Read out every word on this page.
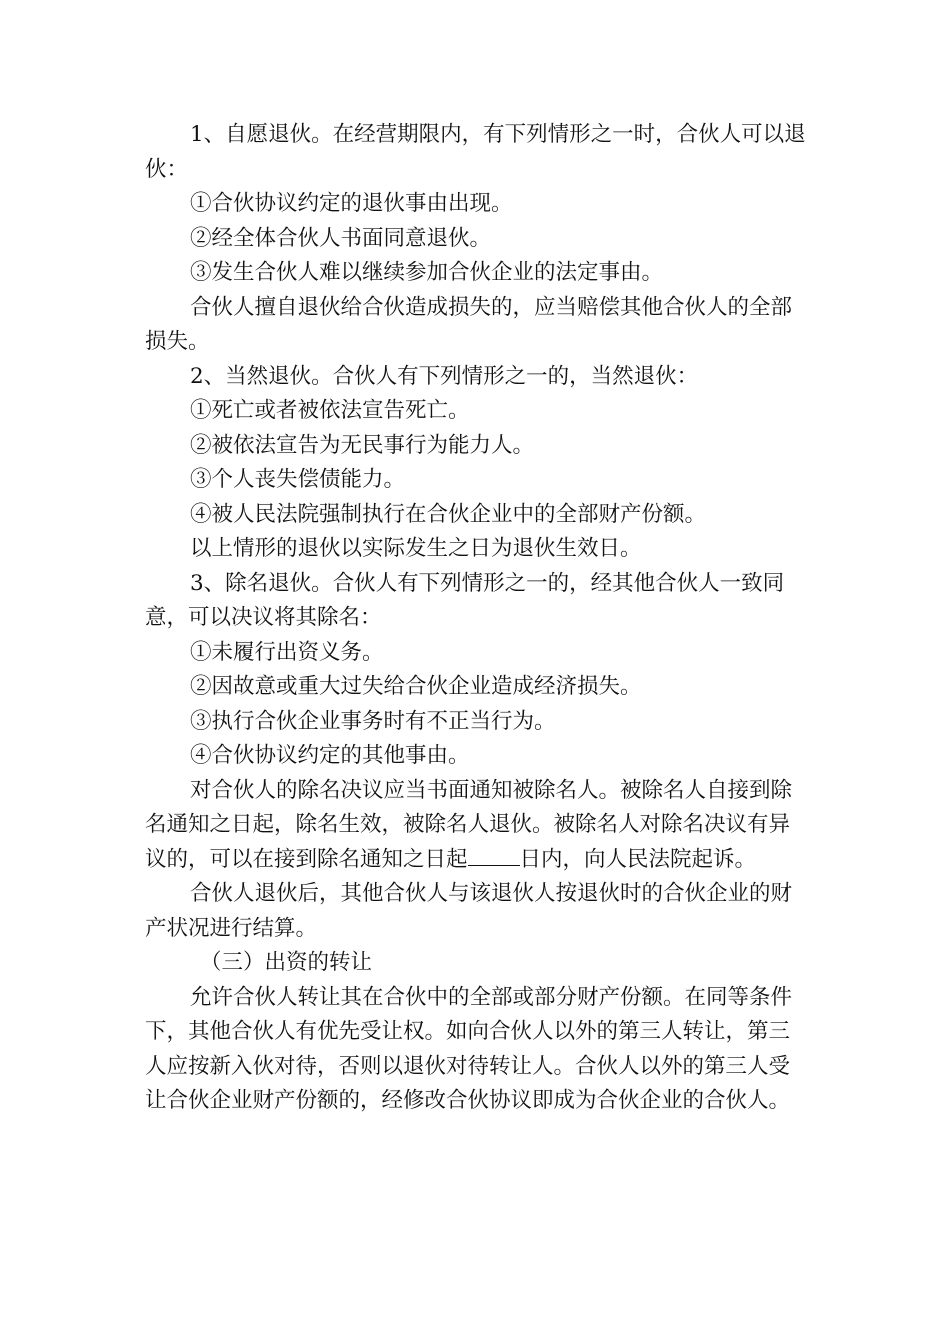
1、自愿退伙。在经营期限内，有下列情形之一时，合伙人可以退伙：

①合伙协议约定的退伙事由出现。

②经全体合伙人书面同意退伙。

③发生合伙人难以继续参加合伙企业的法定事由。

合伙人擅自退伙给合伙造成损失的，应当赔偿其他合伙人的全部损失。

2、当然退伙。合伙人有下列情形之一的，当然退伙：

①死亡或者被依法宣告死亡。

②被依法宣告为无民事行为能力人。

③个人丧失偿债能力。

④被人民法院强制执行在合伙企业中的全部财产份额。

以上情形的退伙以实际发生之日为退伙生效日。

3、除名退伙。合伙人有下列情形之一的，经其他合伙人一致同意，可以决议将其除名：

①未履行出资义务。

②因故意或重大过失给合伙企业造成经济损失。

③执行合伙企业事务时有不正当行为。

④合伙协议约定的其他事由。

对合伙人的除名决议应当书面通知被除名人。被除名人自接到除名通知之日起，除名生效，被除名人退伙。被除名人对除名决议有异议的，可以在接到除名通知之日起 日内，向人民法院起诉。

合伙人退伙后，其他合伙人与该退伙人按退伙时的合伙企业的财产状况进行结算。

（三）出资的转让

允许合伙人转让其在合伙中的全部或部分财产份额。在同等条件下，其他合伙人有优先受让权。如向合伙人以外的第三人转让，第三人应按新入伙对待，否则以退伙对待转让人。合伙人以外的第三人受让合伙企业财产份额的，经修改合伙协议即成为合伙企业的合伙人。
